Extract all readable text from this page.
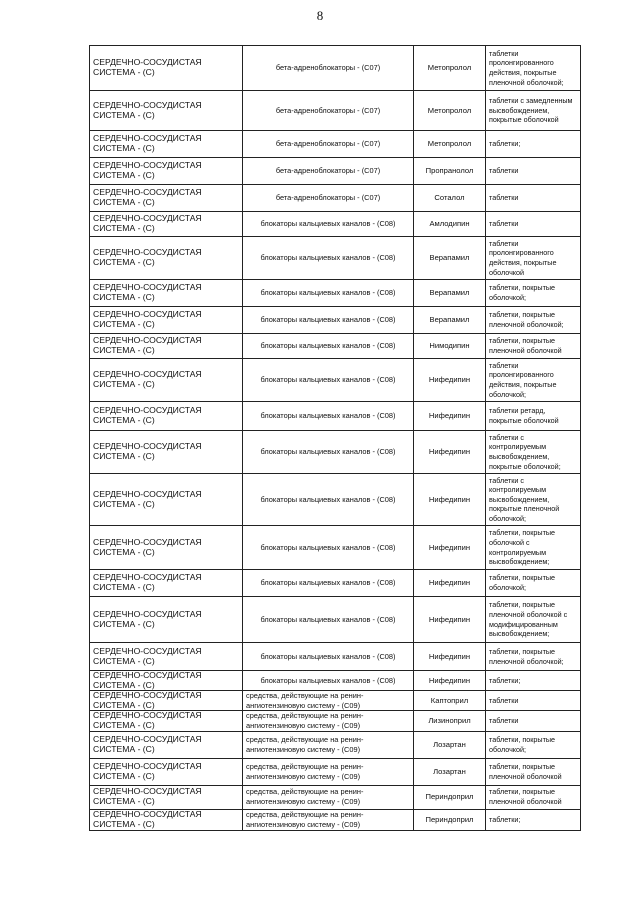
8
СЕРДЕЧНО-СОСУДИСТАЯ СИСТЕМА - (С)	бета-адреноблокаторы - (С07)	Метопролол	таблетки пролонгированного действия, покрытые пленочной оболочкой;
СЕРДЕЧНО-СОСУДИСТАЯ СИСТЕМА - (С)	бета-адреноблокаторы - (С07)	Метопролол	таблетки с замедленным высвобождением, покрытые оболочкой
СЕРДЕЧНО-СОСУДИСТАЯ СИСТЕМА - (С)	бета-адреноблокаторы - (С07)	Метопролол	таблетки;
СЕРДЕЧНО-СОСУДИСТАЯ СИСТЕМА - (С)	бета-адреноблокаторы - (С07)	Пропранолол	таблетки
СЕРДЕЧНО-СОСУДИСТАЯ СИСТЕМА - (С)	бета-адреноблокаторы - (С07)	Соталол	таблетки
СЕРДЕЧНО-СОСУДИСТАЯ СИСТЕМА - (С)	блокаторы кальциевых каналов - (С08)	Амлодипин	таблетки
СЕРДЕЧНО-СОСУДИСТАЯ СИСТЕМА - (С)	блокаторы кальциевых каналов - (С08)	Верапамил	таблетки пролонгированного действия, покрытые оболочкой
СЕРДЕЧНО-СОСУДИСТАЯ СИСТЕМА - (С)	блокаторы кальциевых каналов - (С08)	Верапамил	таблетки, покрытые оболочкой;
СЕРДЕЧНО-СОСУДИСТАЯ СИСТЕМА - (С)	блокаторы кальциевых каналов - (С08)	Верапамил	таблетки, покрытые пленочной оболочкой;
СЕРДЕЧНО-СОСУДИСТАЯ СИСТЕМА - (С)	блокаторы кальциевых каналов - (С08)	Нимодипин	таблетки, покрытые пленочной оболочкой
СЕРДЕЧНО-СОСУДИСТАЯ СИСТЕМА - (С)	блокаторы кальциевых каналов - (С08)	Нифедипин	таблетки пролонгированного действия, покрытые оболочкой;
СЕРДЕЧНО-СОСУДИСТАЯ СИСТЕМА - (С)	блокаторы кальциевых каналов - (С08)	Нифедипин	таблетки ретард, покрытые оболочкой
СЕРДЕЧНО-СОСУДИСТАЯ СИСТЕМА - (С)	блокаторы кальциевых каналов - (С08)	Нифедипин	таблетки с контролируемым высвобождением, покрытые оболочкой;
СЕРДЕЧНО-СОСУДИСТАЯ СИСТЕМА - (С)	блокаторы кальциевых каналов - (С08)	Нифедипин	таблетки с контролируемым высвобождением, покрытые пленочной оболочкой;
СЕРДЕЧНО-СОСУДИСТАЯ СИСТЕМА - (С)	блокаторы кальциевых каналов - (С08)	Нифедипин	таблетки, покрытые оболочкой с контролируемым высвобождением;
СЕРДЕЧНО-СОСУДИСТАЯ СИСТЕМА - (С)	блокаторы кальциевых каналов - (С08)	Нифедипин	таблетки, покрытые оболочкой;
СЕРДЕЧНО-СОСУДИСТАЯ СИСТЕМА - (С)	блокаторы кальциевых каналов - (С08)	Нифедипин	таблетки, покрытые пленочной оболочкой с модифицированным высвобождением;
СЕРДЕЧНО-СОСУДИСТАЯ СИСТЕМА - (С)	блокаторы кальциевых каналов - (С08)	Нифедипин	таблетки, покрытые пленочной оболочкой;
СЕРДЕЧНО-СОСУДИСТАЯ СИСТЕМА - (С)	блокаторы кальциевых каналов - (С08)	Нифедипин	таблетки;
СЕРДЕЧНО-СОСУДИСТАЯ СИСТЕМА - (С)	средства, действующие на ренин-ангиотензиновую систему - (С09)	Каптоприл	таблетки
СЕРДЕЧНО-СОСУДИСТАЯ СИСТЕМА - (С)	средства, действующие на ренин-ангиотензиновую систему - (С09)	Лизиноприл	таблетки
СЕРДЕЧНО-СОСУДИСТАЯ СИСТЕМА - (С)	средства, действующие на ренин-ангиотензиновую систему - (С09)	Лозартан	таблетки, покрытые оболочкой;
СЕРДЕЧНО-СОСУДИСТАЯ СИСТЕМА - (С)	средства, действующие на ренин-ангиотензиновую систему - (С09)	Лозартан	таблетки, покрытые пленочной оболочкой
СЕРДЕЧНО-СОСУДИСТАЯ СИСТЕМА - (С)	средства, действующие на ренин-ангиотензиновую систему - (С09)	Периндоприл	таблетки, покрытые пленочной оболочкой
СЕРДЕЧНО-СОСУДИСТАЯ СИСТЕМА - (С)	средства, действующие на ренин-ангиотензиновую систему - (С09)	Периндоприл	таблетки;
